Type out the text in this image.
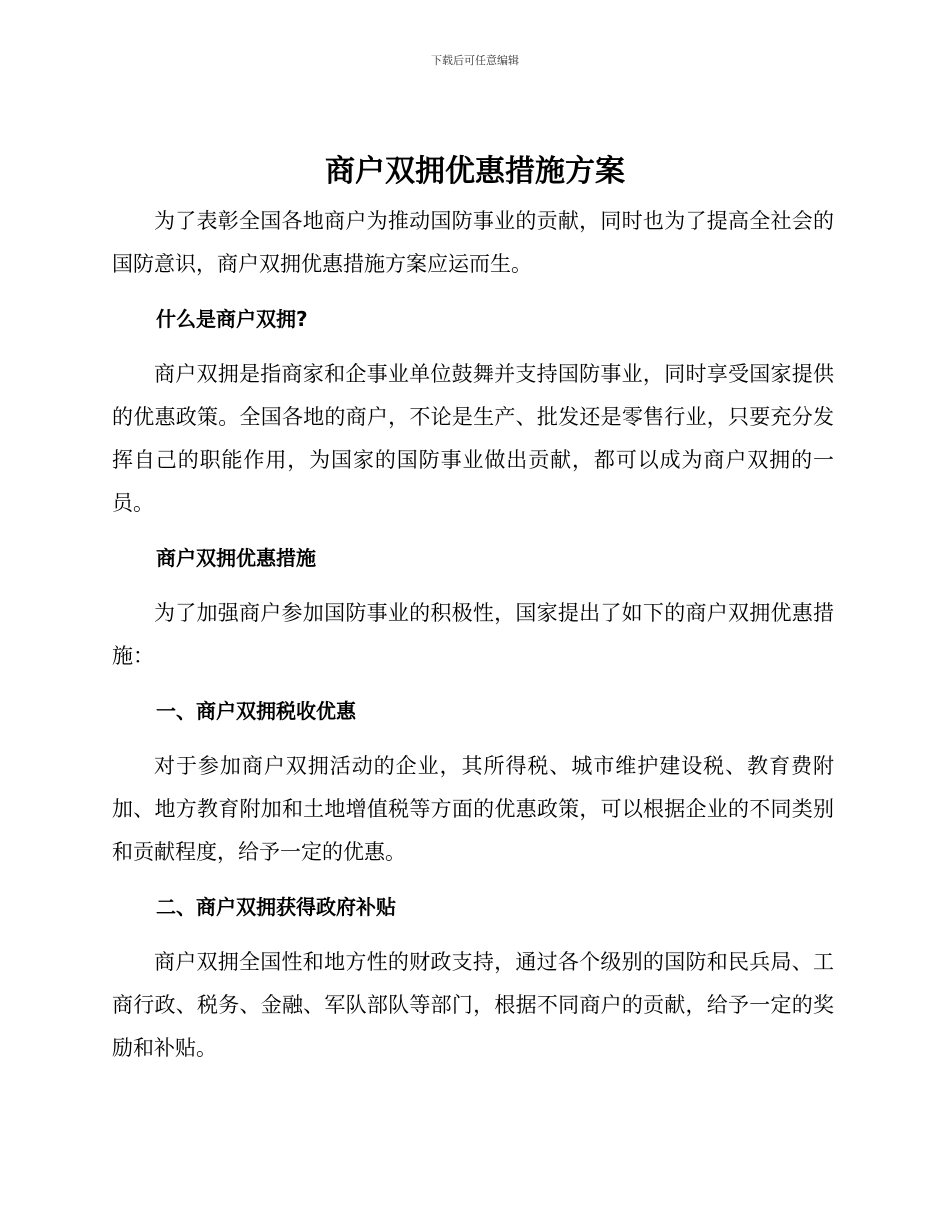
下载后可任意编辑
商户双拥优惠措施方案

为了表彰全国各地商户为推动国防事业的贡献，同时也为了提高全社会的国防意识，商户双拥优惠措施方案应运而生。

什么是商户双拥?

商户双拥是指商家和企事业单位鼓舞并支持国防事业，同时享受国家提供的优惠政策。全国各地的商户，不论是生产、批发还是零售行业，只要充分发挥自己的职能作用，为国家的国防事业做出贡献，都可以成为商户双拥的一员。

商户双拥优惠措施

为了加强商户参加国防事业的积极性，国家提出了如下的商户双拥优惠措施：

一、商户双拥税收优惠

对于参加商户双拥活动的企业，其所得税、城市维护建设税、教育费附加、地方教育附加和土地增值税等方面的优惠政策，可以根据企业的不同类别和贡献程度，给予一定的优惠。

二、商户双拥获得政府补贴

商户双拥全国性和地方性的财政支持，通过各个级别的国防和民兵局、工商行政、税务、金融、军队部队等部门，根据不同商户的贡献，给予一定的奖励和补贴。
